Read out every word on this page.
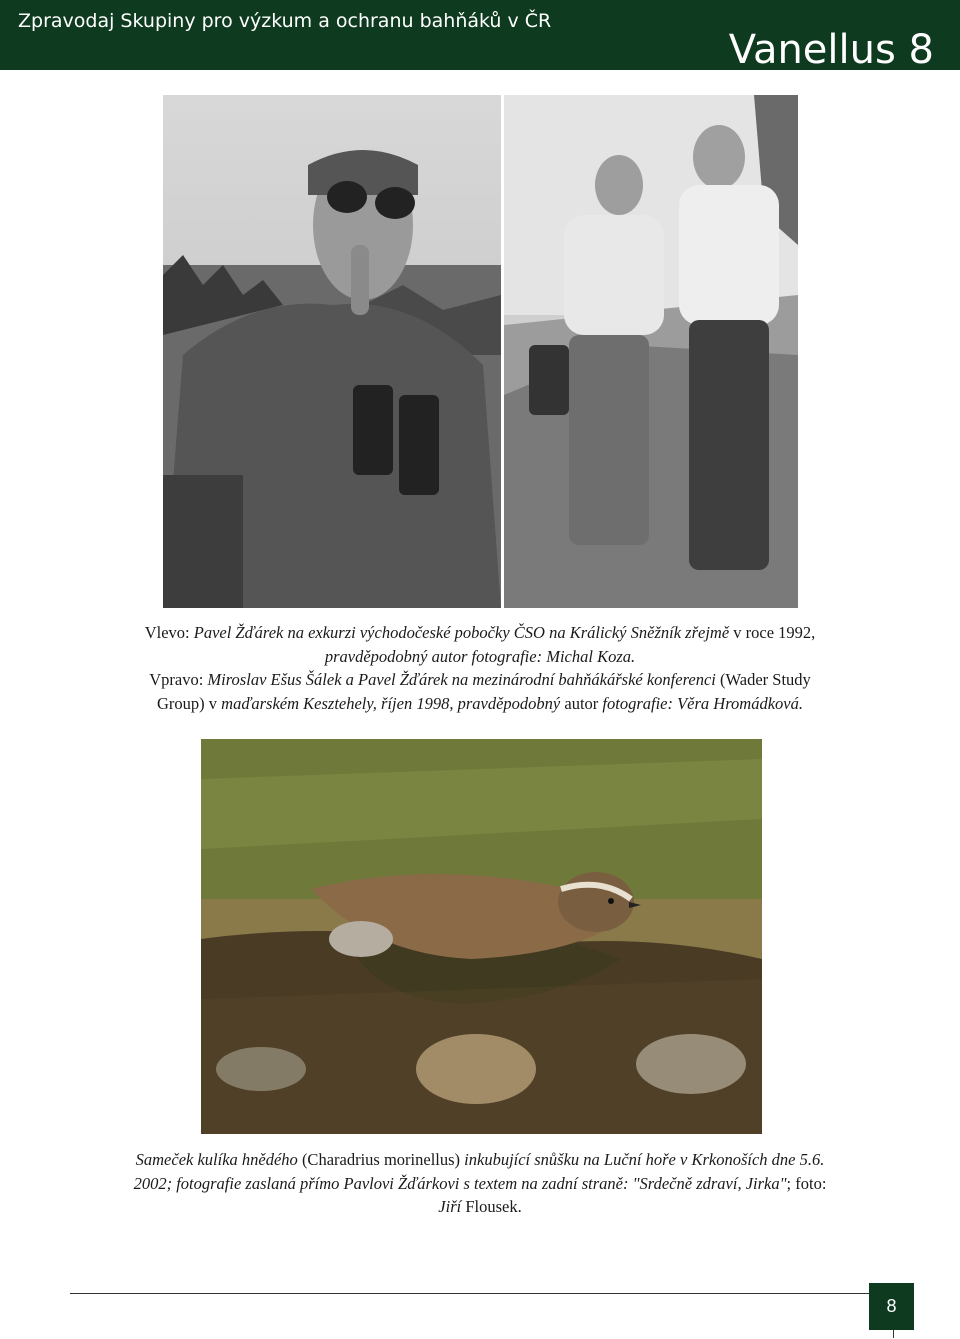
Zpravodaj Skupiny pro výzkum a ochranu bahňáků v ČR
Vanellus 8
Vlevo: Pavel Žďárek na exkurzi východočeské pobočky ČSO na Králický Sněžník zřejmě v roce 1992,
pravděpodobný autor fotografie: Michal Koza.
Vpravo: Miroslav Ešus Šálek a Pavel Žďárek na mezinárodní bahňákářské konferenci (Wader Study
Group) v maďarském Kesztehely, říjen 1998, pravděpodobný autor fotografie: Věra Hromádková.
Sameček kulíka hnědého (Charadrius morinellus) inkubující snůšku na Luční hoře v Krkonoších dne 5.6.
2002; fotografie zaslaná přímo Pavlovi Žďárkovi s textem na zadní straně: "Srdečně zdraví, Jirka"; foto:
Jiří Flousek.
8
